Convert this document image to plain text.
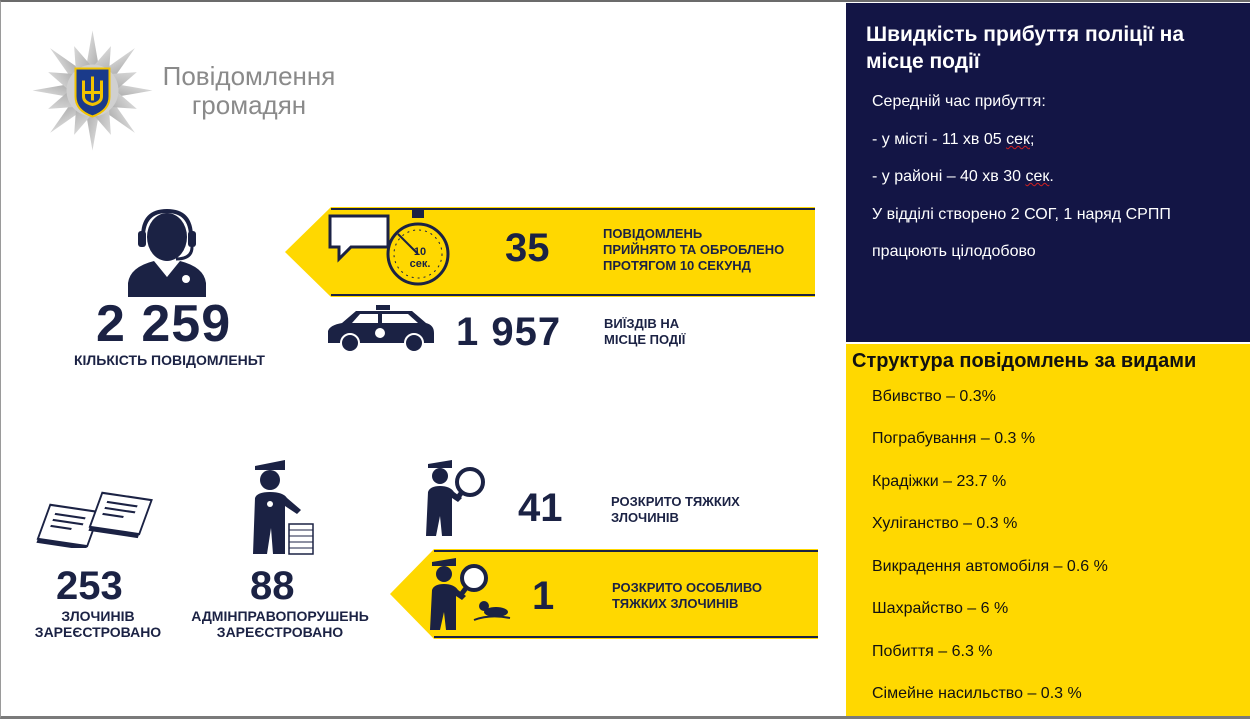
Повідомлення
громадян
2 259
КІЛЬКІСТЬ ПОВІДОМЛЕНЬТ
10
сек. 35	ПОВІДОМЛЕНЬ
ПРИЙНЯТО ТА ОБРОБЛЕНО
ПРОТЯГОМ 10 СЕКУНД
1 957	ВИЇЗДІВ НА
МІСЦЕ ПОДІЇ
253
ЗЛОЧИНІВ
ЗАРЕЄСТРОВАНО
88
АДМІНПРАВОПОРУШЕНЬ
ЗАРЕЄСТРОВАНО
41	РОЗКРИТО ТЯЖКИХ
ЗЛОЧИНІВ
1	РОЗКРИТО ОСОБЛИВО
ТЯЖКИХ ЗЛОЧИНІВ
Швидкість прибуття поліції на місце події
Середній час прибуття:
- у місті - 11 хв 05 сек;
- у районі – 40 хв 30 сек.
У відділі створено 2 СОГ, 1 наряд СРПП
працюють цілодобово
Структура повідомлень за видами
Вбивство – 0.3%
Пограбування – 0.3 %
Крадіжки – 23.7 %
Хуліганство – 0.3 %
Викрадення автомобіля – 0.6 %
Шахрайство – 6 %
Побиття – 6.3 %
Сімейне насильство – 0.3 %
